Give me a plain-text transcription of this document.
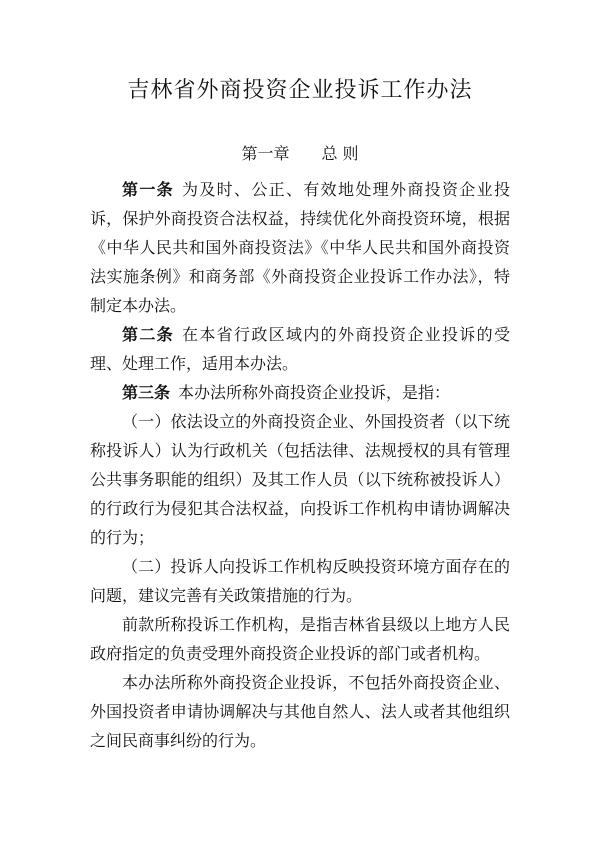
吉林省外商投资企业投诉工作办法
第一章 总 则

第一条 为及时、公正、有效地处理外商投资企业投诉，保护外商投资合法权益，持续优化外商投资环境，根据《中华人民共和国外商投资法》《中华人民共和国外商投资法实施条例》和商务部《外商投资企业投诉工作办法》，特制定本办法。

第二条 在本省行政区域内的外商投资企业投诉的受理、处理工作，适用本办法。

第三条 本办法所称外商投资企业投诉，是指：

（一）依法设立的外商投资企业、外国投资者（以下统称投诉人）认为行政机关（包括法律、法规授权的具有管理公共事务职能的组织）及其工作人员（以下统称被投诉人）的行政行为侵犯其合法权益，向投诉工作机构申请协调解决的行为；

（二）投诉人向投诉工作机构反映投资环境方面存在的问题，建议完善有关政策措施的行为。

前款所称投诉工作机构，是指吉林省县级以上地方人民政府指定的负责受理外商投资企业投诉的部门或者机构。

本办法所称外商投资企业投诉，不包括外商投资企业、外国投资者申请协调解决与其他自然人、法人或者其他组织之间民商事纠纷的行为。
